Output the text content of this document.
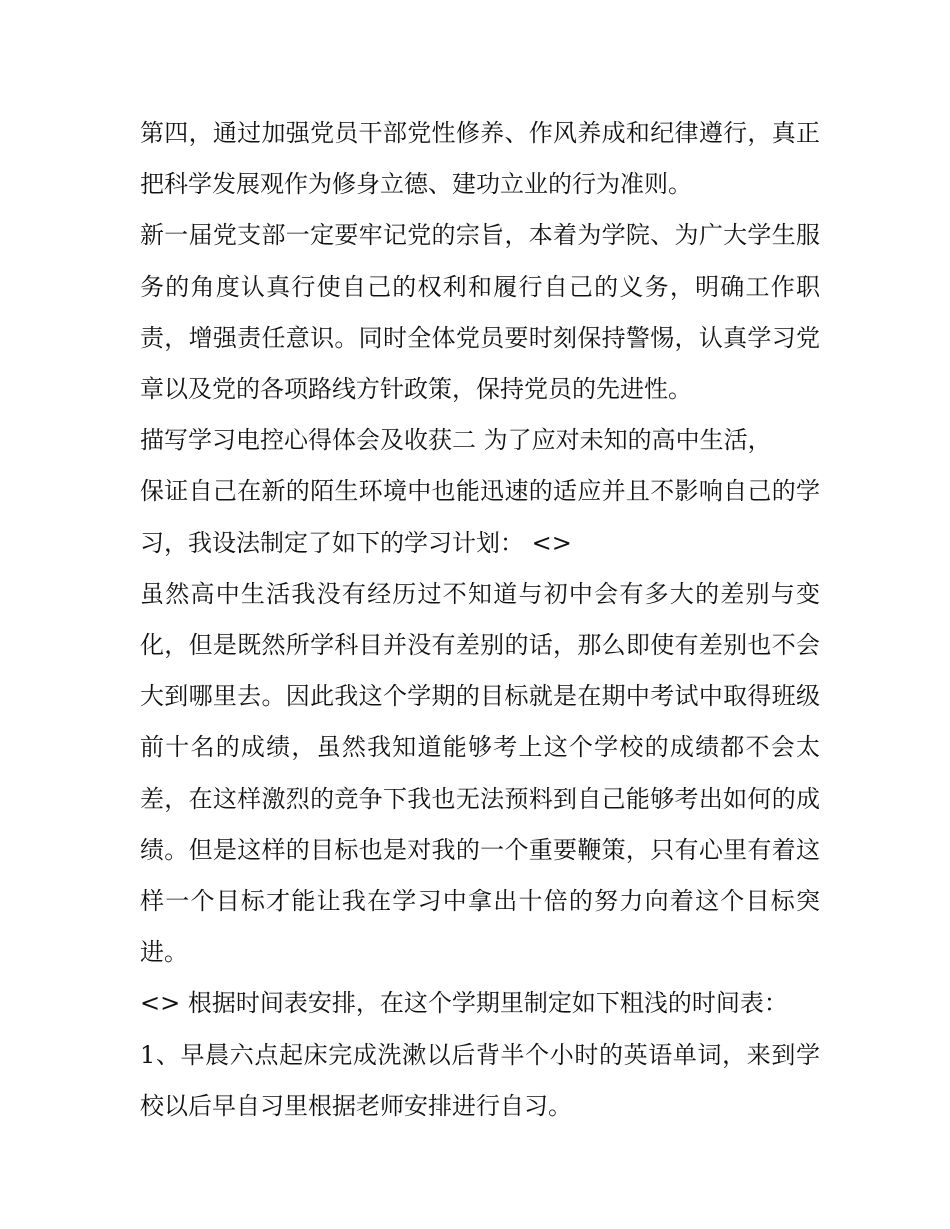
第四，通过加强党员干部党性修养、作风养成和纪律遵行，真正把科学发展观作为修身立德、建功立业的行为准则。

新一届党支部一定要牢记党的宗旨，本着为学院、为广大学生服务的角度认真行使自己的权利和履行自己的义务，明确工作职责，增强责任意识。同时全体党员要时刻保持警惕，认真学习党章以及党的各项路线方针政策，保持党员的先进性。

描写学习电控心得体会及收获二 为了应对未知的高中生活，
保证自己在新的陌生环境中也能迅速的适应并且不影响自己的学习，我设法制定了如下的学习计划： <>

虽然高中生活我没有经历过不知道与初中会有多大的差别与变化，但是既然所学科目并没有差别的话，那么即使有差别也不会大到哪里去。因此我这个学期的目标就是在期中考试中取得班级前十名的成绩，虽然我知道能够考上这个学校的成绩都不会太差，在这样激烈的竞争下我也无法预料到自己能够考出如何的成绩。但是这样的目标也是对我的一个重要鞭策，只有心里有着这样一个目标才能让我在学习中拿出十倍的努力向着这个目标突进。

<> 根据时间表安排，在这个学期里制定如下粗浅的时间表：

1、早晨六点起床完成洗漱以后背半个小时的英语单词，来到学校以后早自习里根据老师安排进行自习。
